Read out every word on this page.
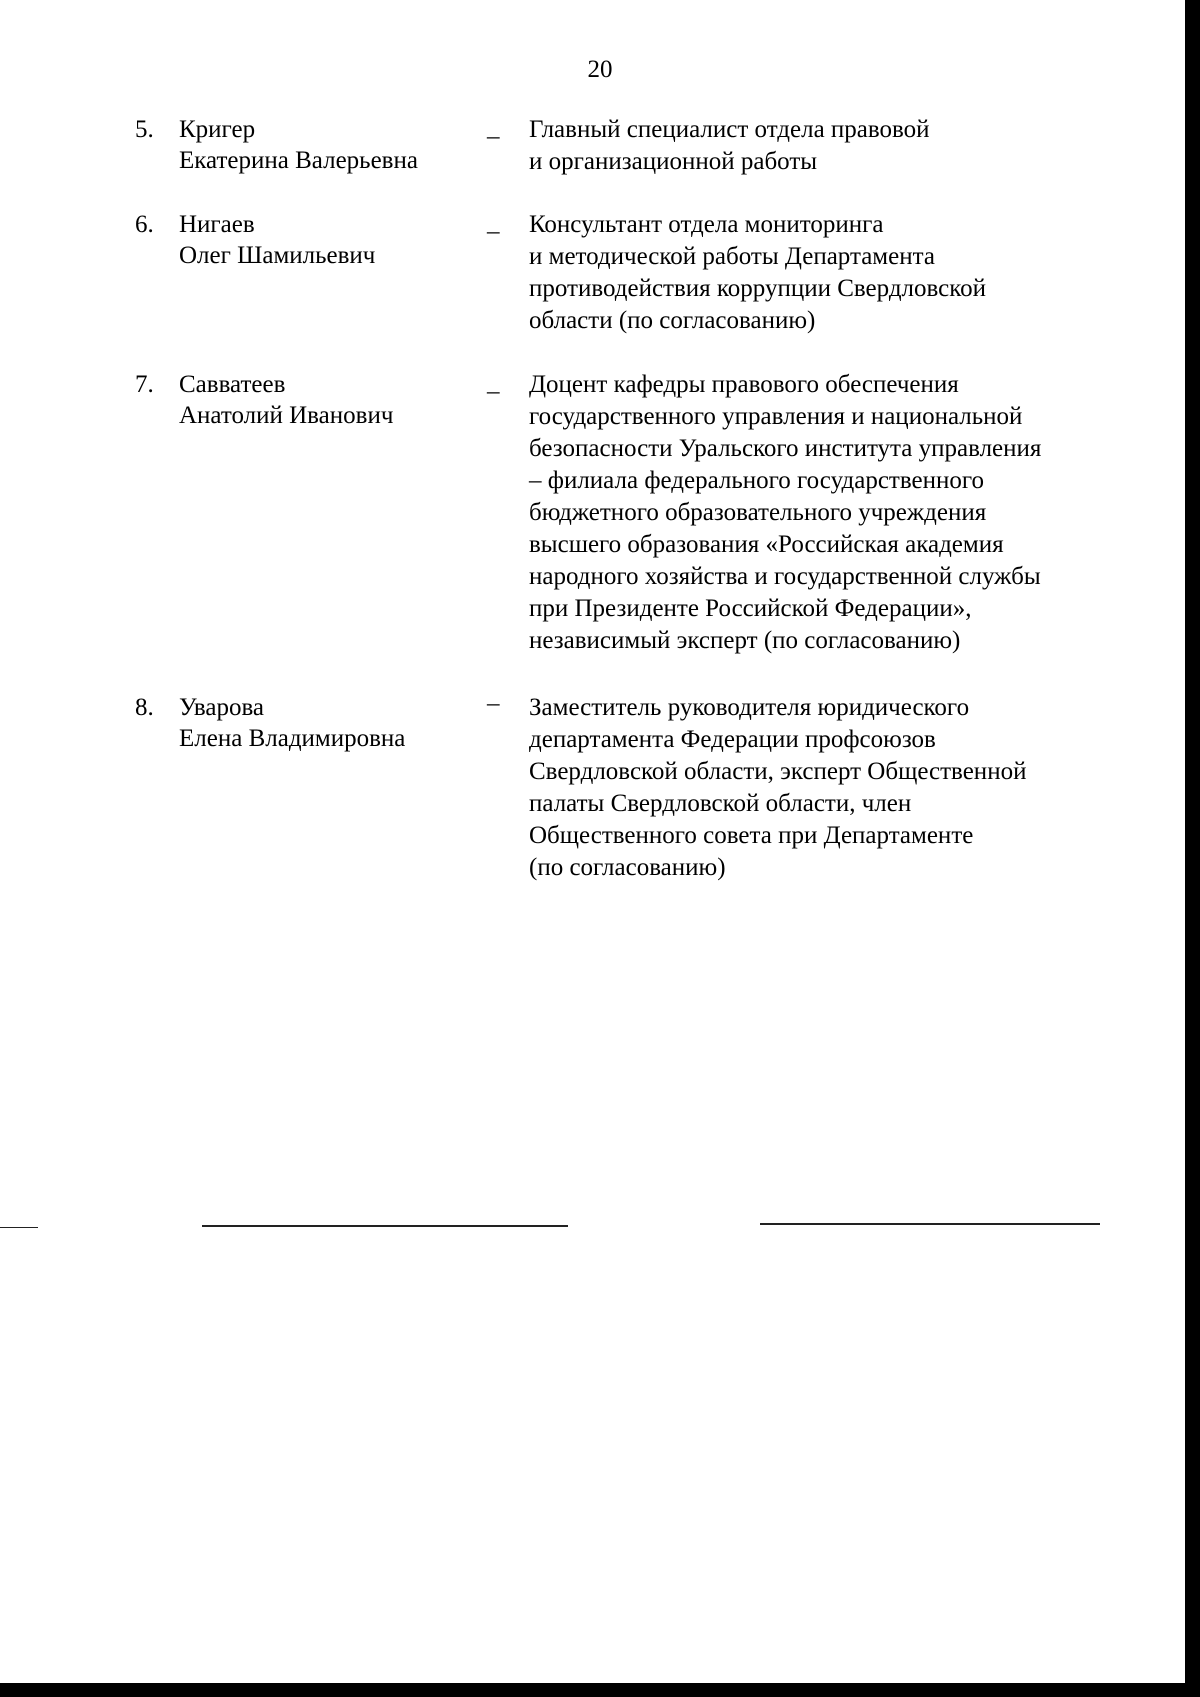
20
5. Кригер
Екатерина Валерьевна
_ Главный специалист отдела правовой
и организационной работы
6. Нигаев
Олег Шамильевич
_ Консультант отдела мониторинга
и методической работы Департамента
противодействия коррупции Свердловской
области (по согласованию)
7. Савватеев
Анатолий Иванович
_ Доцент кафедры правового обеспечения
государственного управления и национальной
безопасности Уральского института управления
– филиала федерального государственного
бюджетного образовательного учреждения
высшего образования «Российская академия
народного хозяйства и государственной службы
при Президенте Российской Федерации»,
независимый эксперт (по согласованию)
8. Уварова
Елена Владимировна
– Заместитель руководителя юридического
департамента Федерации профсоюзов
Свердловской области, эксперт Общественной
палаты Свердловской области, член
Общественного совета при Департаменте
(по согласованию)
